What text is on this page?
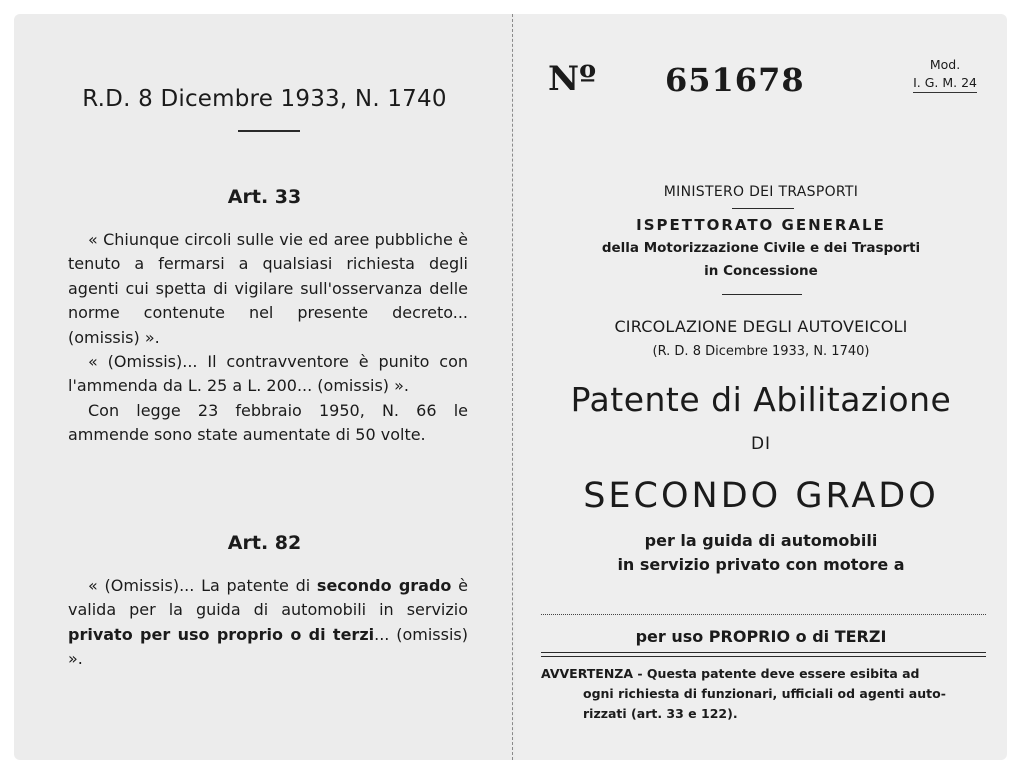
R.D. 8 Dicembre 1933, N. 1740
Art. 33

« Chiunque circoli sulle vie ed aree pubbliche è tenuto a fermarsi a qualsiasi richiesta degli agenti cui spetta di vigilare sull'osservanza delle norme contenute nel presente decreto... (omissis) ».

« (Omissis)... Il contravventore è punito con l'ammenda da L. 25 a L. 200... (omissis) ».

Con legge 23 febbraio 1950, N. 66 le ammende sono state aumentate di 50 volte.

Art. 82

« (Omissis)... La patente di secondo grado è valida per la guida di automobili in servizio privato per uso proprio o di terzi... (omissis) ».

Nº 651678	Mod.
I. G. M. 24
MINISTERO DEI TRASPORTI
ISPETTORATO GENERALE
della Motorizzazione Civile e dei Trasporti
in Concessione
CIRCOLAZIONE DEGLI AUTOVEICOLI
(R. D. 8 Dicembre 1933, N. 1740)
Patente di Abilitazione
DI
SECONDO GRADO
per la guida di automobili
in servizio privato con motore a
per uso PROPRIO o di TERZI
AVVERTENZA - Questa patente deve essere esibita ad
ogni richiesta di funzionari, ufficiali od agenti auto-
rizzati (art. 33 e 122).
